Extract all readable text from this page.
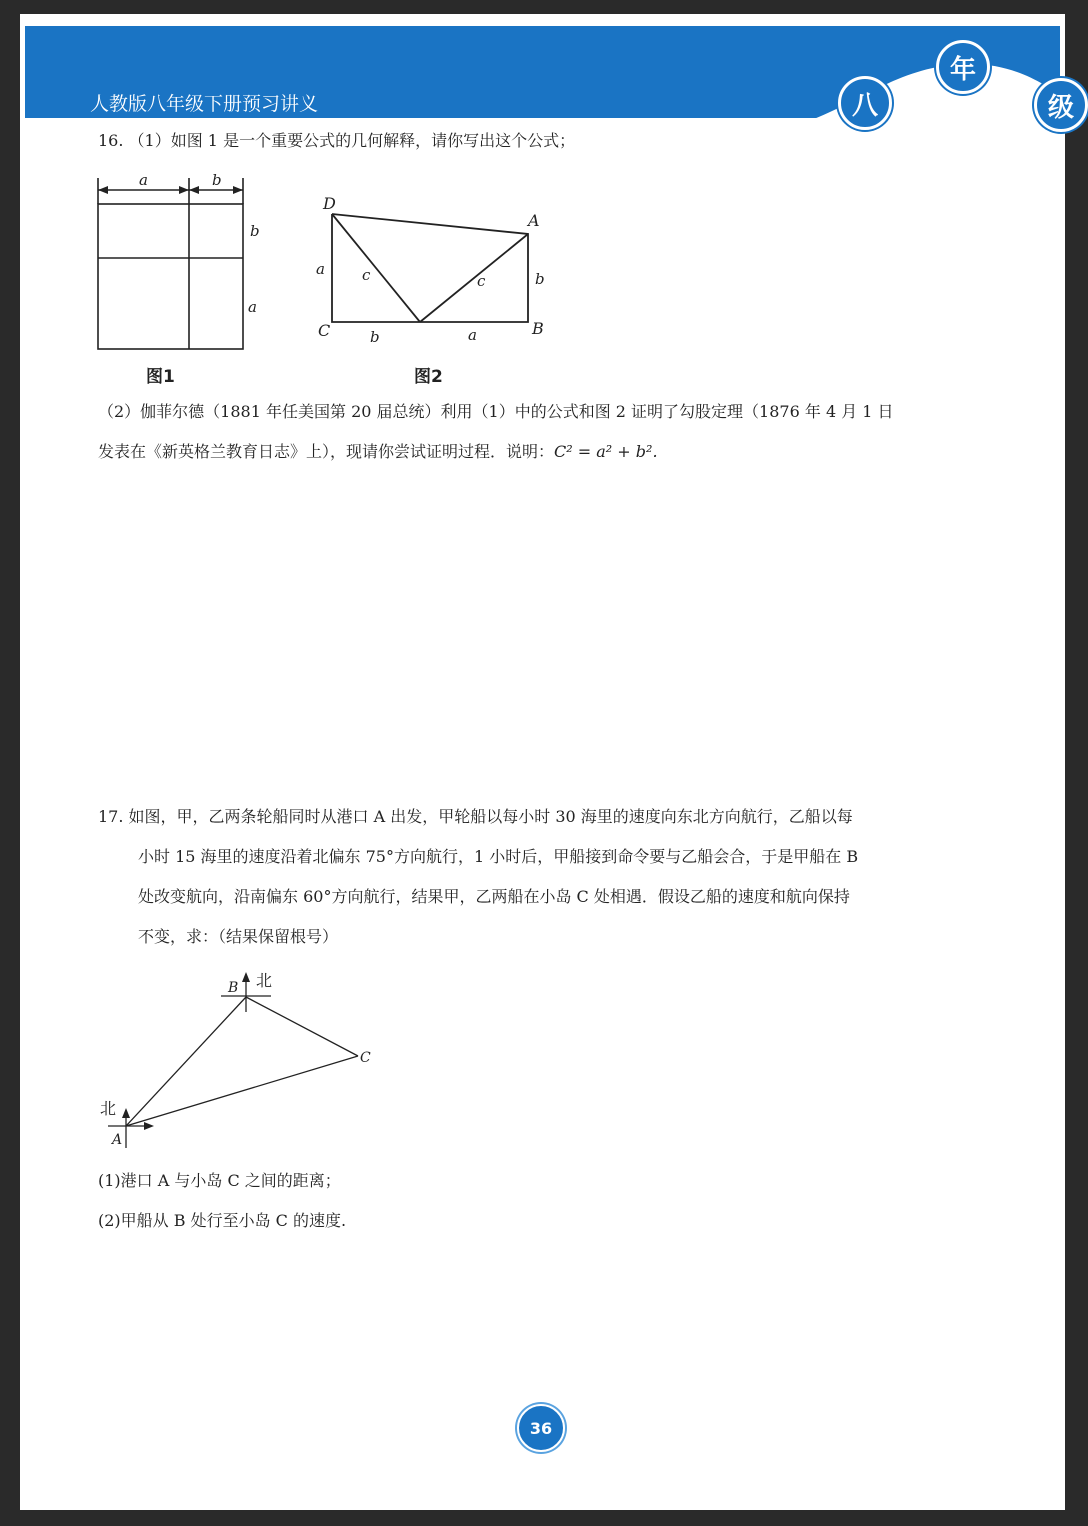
人教版八年级下册预习讲义	八
年
级

16. （1）如图 1 是一个重要公式的几何解释，请你写出这个公式；

a	b
b
a
图1
D
A
C	B
a
b
c	c
b	a
图2

（2）伽菲尔德（1881 年任美国第 20 届总统）利用（1）中的公式和图 2 证明了勾股定理（1876 年 4 月 1 日

发表在《新英格兰教育日志》上），现请你尝试证明过程．说明：C² = a² + b².

17. 如图，甲，乙两条轮船同时从港口 A 出发，甲轮船以每小时 30 海里的速度向东北方向航行，乙船以每

小时 15 海里的速度沿着北偏东 75°方向航行，1 小时后，甲船接到命令要与乙船会合，于是甲船在 B

处改变航向，沿南偏东 60°方向航行，结果甲，乙两船在小岛 C 处相遇．假设乙船的速度和航向保持

不变，求：（结果保留根号）

B 北
C
北
A

(1)港口 A 与小岛 C 之间的距离；

(2)甲船从 B 处行至小岛 C 的速度.

36
